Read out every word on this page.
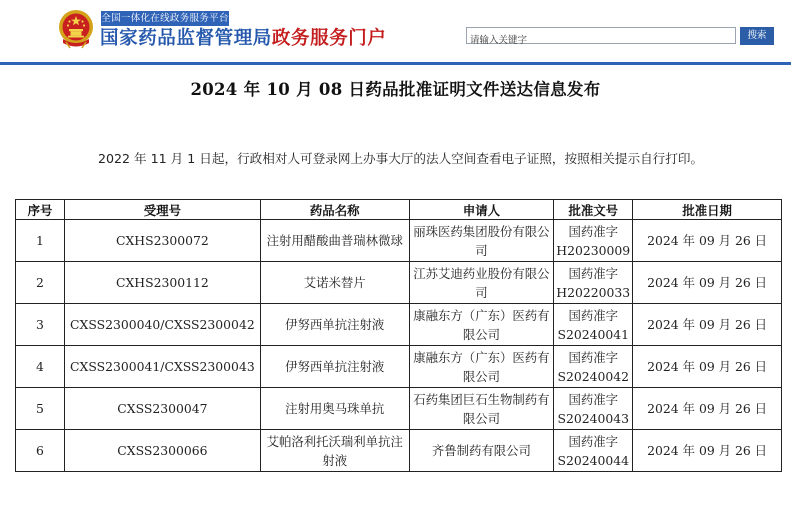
全国一体化在线政务服务平台
国家药品监督管理局政务服务门户
请输入关键字	搜索
2024 年 10 月 08 日药品批准证明文件送达信息发布

2022 年 11 月 1 日起，行政相对人可登录网上办事大厅的法人空间查看电子证照，按照相关提示自行打印。

序号	受理号	药品名称	申请人	批准文号	批准日期
1	CXHS2300072	注射用醋酸曲普瑞林微球	丽珠医药集团股份有限公司	国药准字H20230009	2024 年 09 月 26 日
2	CXHS2300112	艾诺米替片	江苏艾迪药业股份有限公司	国药准字H20220033	2024 年 09 月 26 日
3	CXSS2300040/CXSS2300042	伊努西单抗注射液	康融东方（广东）医药有限公司	国药准字S20240041	2024 年 09 月 26 日
4	CXSS2300041/CXSS2300043	伊努西单抗注射液	康融东方（广东）医药有限公司	国药准字S20240042	2024 年 09 月 26 日
5	CXSS2300047	注射用奥马珠单抗	石药集团巨石生物制药有限公司	国药准字S20240043	2024 年 09 月 26 日
6	CXSS2300066	艾帕洛利托沃瑞利单抗注射液	齐鲁制药有限公司	国药准字S20240044	2024 年 09 月 26 日
